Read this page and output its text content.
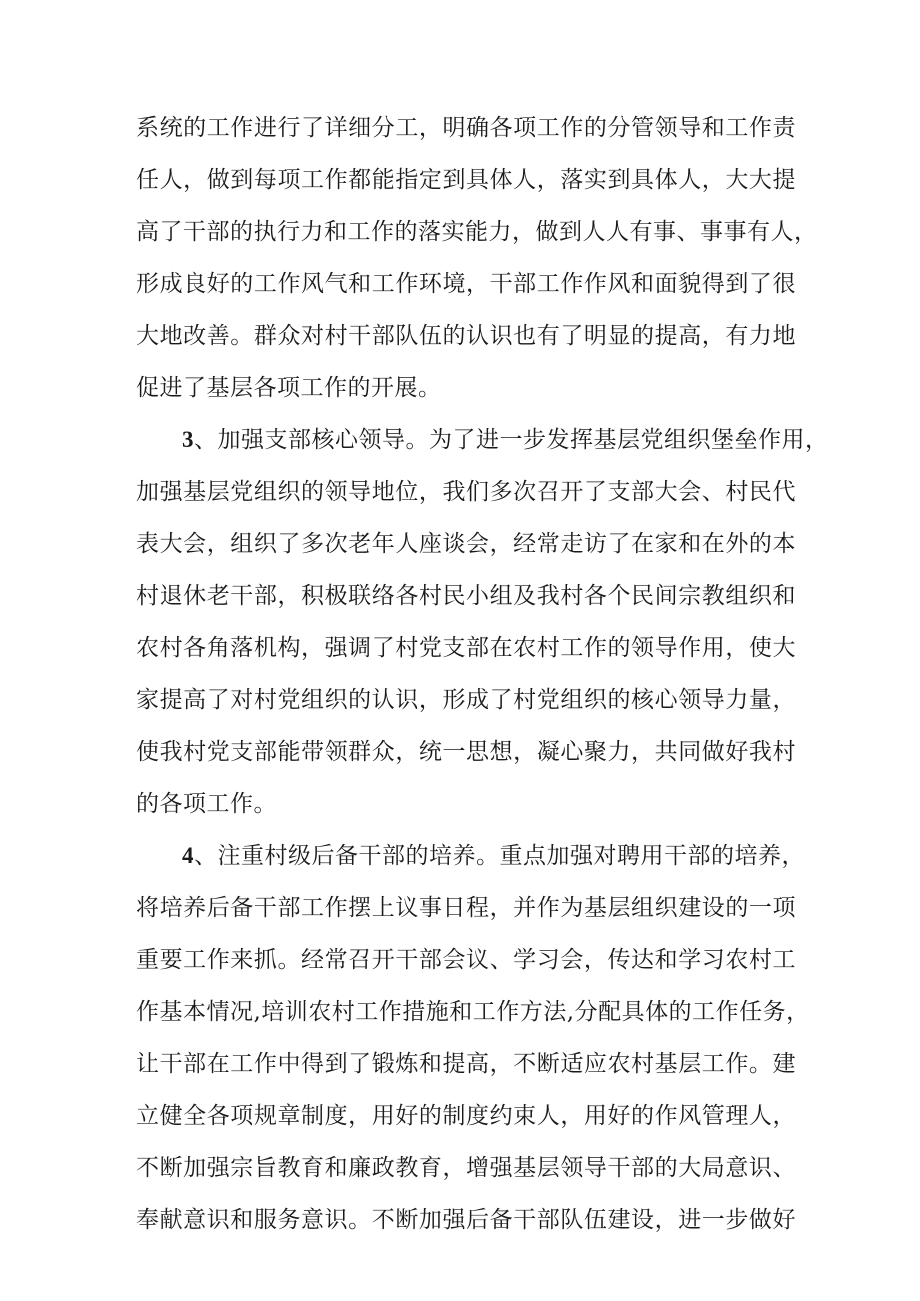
系统的工作进行了详细分工，明确各项工作的分管领导和工作责

任人，做到每项工作都能指定到具体人，落实到具体人，大大提

高了干部的执行力和工作的落实能力，做到人人有事、事事有人，

形成良好的工作风气和工作环境，干部工作作风和面貌得到了很

大地改善。群众对村干部队伍的认识也有了明显的提高，有力地

促进了基层各项工作的开展。

3、加强支部核心领导。为了进一步发挥基层党组织堡垒作用，

加强基层党组织的领导地位，我们多次召开了支部大会、村民代

表大会，组织了多次老年人座谈会，经常走访了在家和在外的本

村退休老干部，积极联络各村民小组及我村各个民间宗教组织和

农村各角落机构，强调了村党支部在农村工作的领导作用，使大

家提高了对村党组织的认识，形成了村党组织的核心领导力量，

使我村党支部能带领群众，统一思想，凝心聚力，共同做好我村

的各项工作。

4、注重村级后备干部的培养。重点加强对聘用干部的培养，

将培养后备干部工作摆上议事日程，并作为基层组织建设的一项

重要工作来抓。经常召开干部会议、学习会，传达和学习农村工

作基本情况,培训农村工作措施和工作方法,分配具体的工作任务，

让干部在工作中得到了锻炼和提高，不断适应农村基层工作。建

立健全各项规章制度，用好的制度约束人，用好的作风管理人，

不断加强宗旨教育和廉政教育，增强基层领导干部的大局意识、

奉献意识和服务意识。不断加强后备干部队伍建设，进一步做好
